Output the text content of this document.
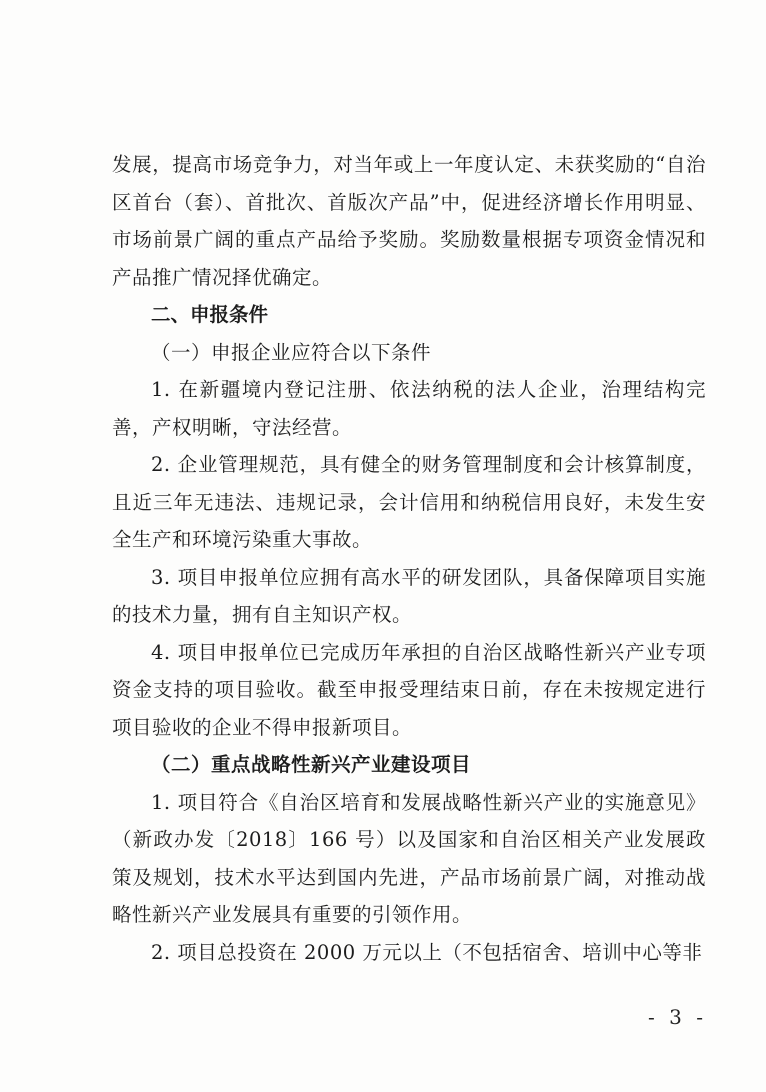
发展，提高市场竞争力，对当年或上一年度认定、未获奖励的“自治区首台（套）、首批次、首版次产品”中，促进经济增长作用明显、市场前景广阔的重点产品给予奖励。奖励数量根据专项资金情况和产品推广情况择优确定。

二、申报条件

（一）申报企业应符合以下条件

1. 在新疆境内登记注册、依法纳税的法人企业，治理结构完善，产权明晰，守法经营。

2. 企业管理规范，具有健全的财务管理制度和会计核算制度，且近三年无违法、违规记录，会计信用和纳税信用良好，未发生安全生产和环境污染重大事故。

3. 项目申报单位应拥有高水平的研发团队，具备保障项目实施的技术力量，拥有自主知识产权。

4. 项目申报单位已完成历年承担的自治区战略性新兴产业专项资金支持的项目验收。截至申报受理结束日前，存在未按规定进行项目验收的企业不得申报新项目。

（二）重点战略性新兴产业建设项目

1. 项目符合《自治区培育和发展战略性新兴产业的实施意见》（新政办发〔2018〕166 号）以及国家和自治区相关产业发展政策及规划，技术水平达到国内先进，产品市场前景广阔，对推动战略性新兴产业发展具有重要的引领作用。

2. 项目总投资在 2000 万元以上（不包括宿舍、培训中心等非

- 3 -
